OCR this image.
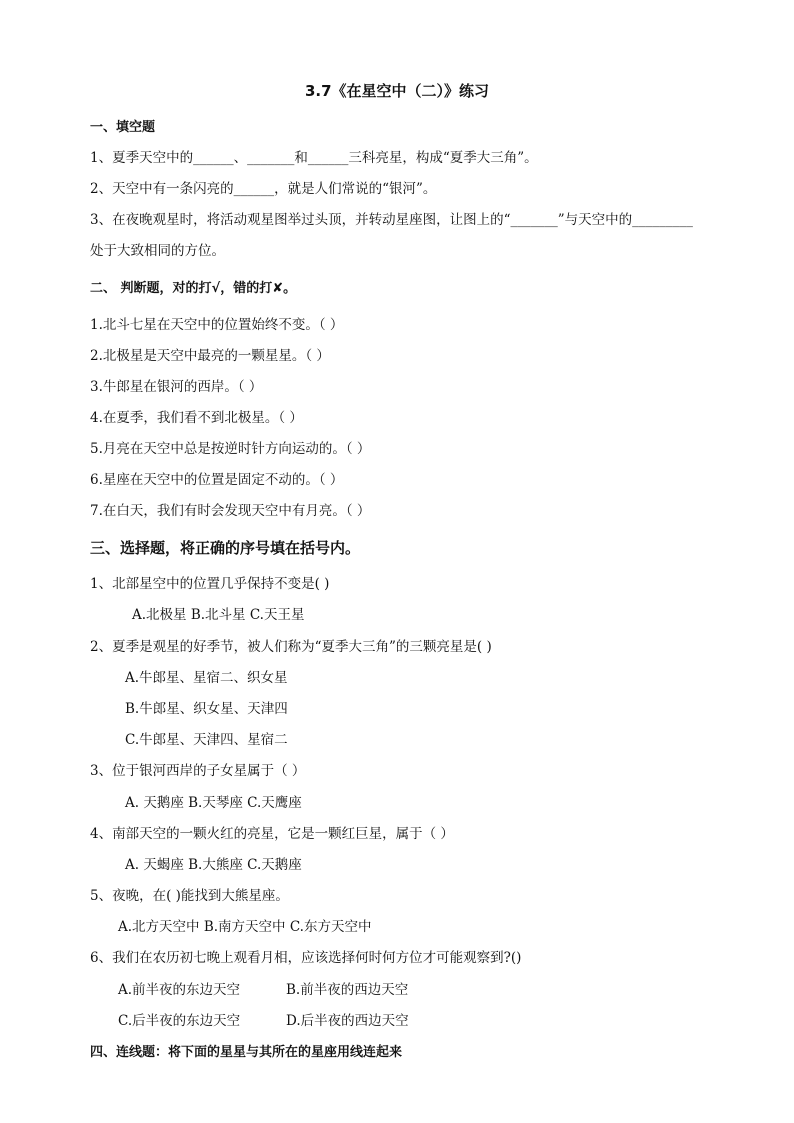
3.7《在星空中（二）》练习
一、填空题
1、夏季天空中的______、_______和______三科亮星，构成“夏季大三角”。
2、天空中有一条闪亮的______，就是人们常说的“银河”。
3、在夜晚观星时，将活动观星图举过头顶，并转动星座图，让图上的“_______”与天空中的_________
处于大致相同的方位。
二、 判断题，对的打√，错的打✘。
1.北斗七星在天空中的位置始终不变。（ ）
2.北极星是天空中最亮的一颗星星。（ ）
3.牛郎星在银河的西岸。（ ）
4.在夏季，我们看不到北极星。（ ）
5.月亮在天空中总是按逆时针方向运动的。（ ）
6.星座在天空中的位置是固定不动的。（ ）
7.在白天，我们有时会发现天空中有月亮。（ ）
三、选择题，将正确的序号填在括号内。
1、北部星空中的位置几乎保持不变是( )
A.北极星 B.北斗星 C.天王星
2、夏季是观星的好季节，被人们称为“夏季大三角”的三颗亮星是( )
A.牛郎星、星宿二、织女星
B.牛郎星、织女星、天津四
C.牛郎星、天津四、星宿二
3、位于银河西岸的子女星属于（ ）
A. 天鹅座 B.天琴座 C.天鹰座
4、南部天空的一颗火红的亮星，它是一颗红巨星，属于（ ）
A. 天蝎座 B.大熊座 C.天鹅座
5、夜晚，在( )能找到大熊星座。
A.北方天空中 B.南方天空中 C.东方天空中
6、我们在农历初七晚上观看月相，应该选择何时何方位才可能观察到?()
A.前半夜的东边天空	B.前半夜的西边天空
C.后半夜的东边天空	D.后半夜的西边天空
四、连线题：将下面的星星与其所在的星座用线连起来
